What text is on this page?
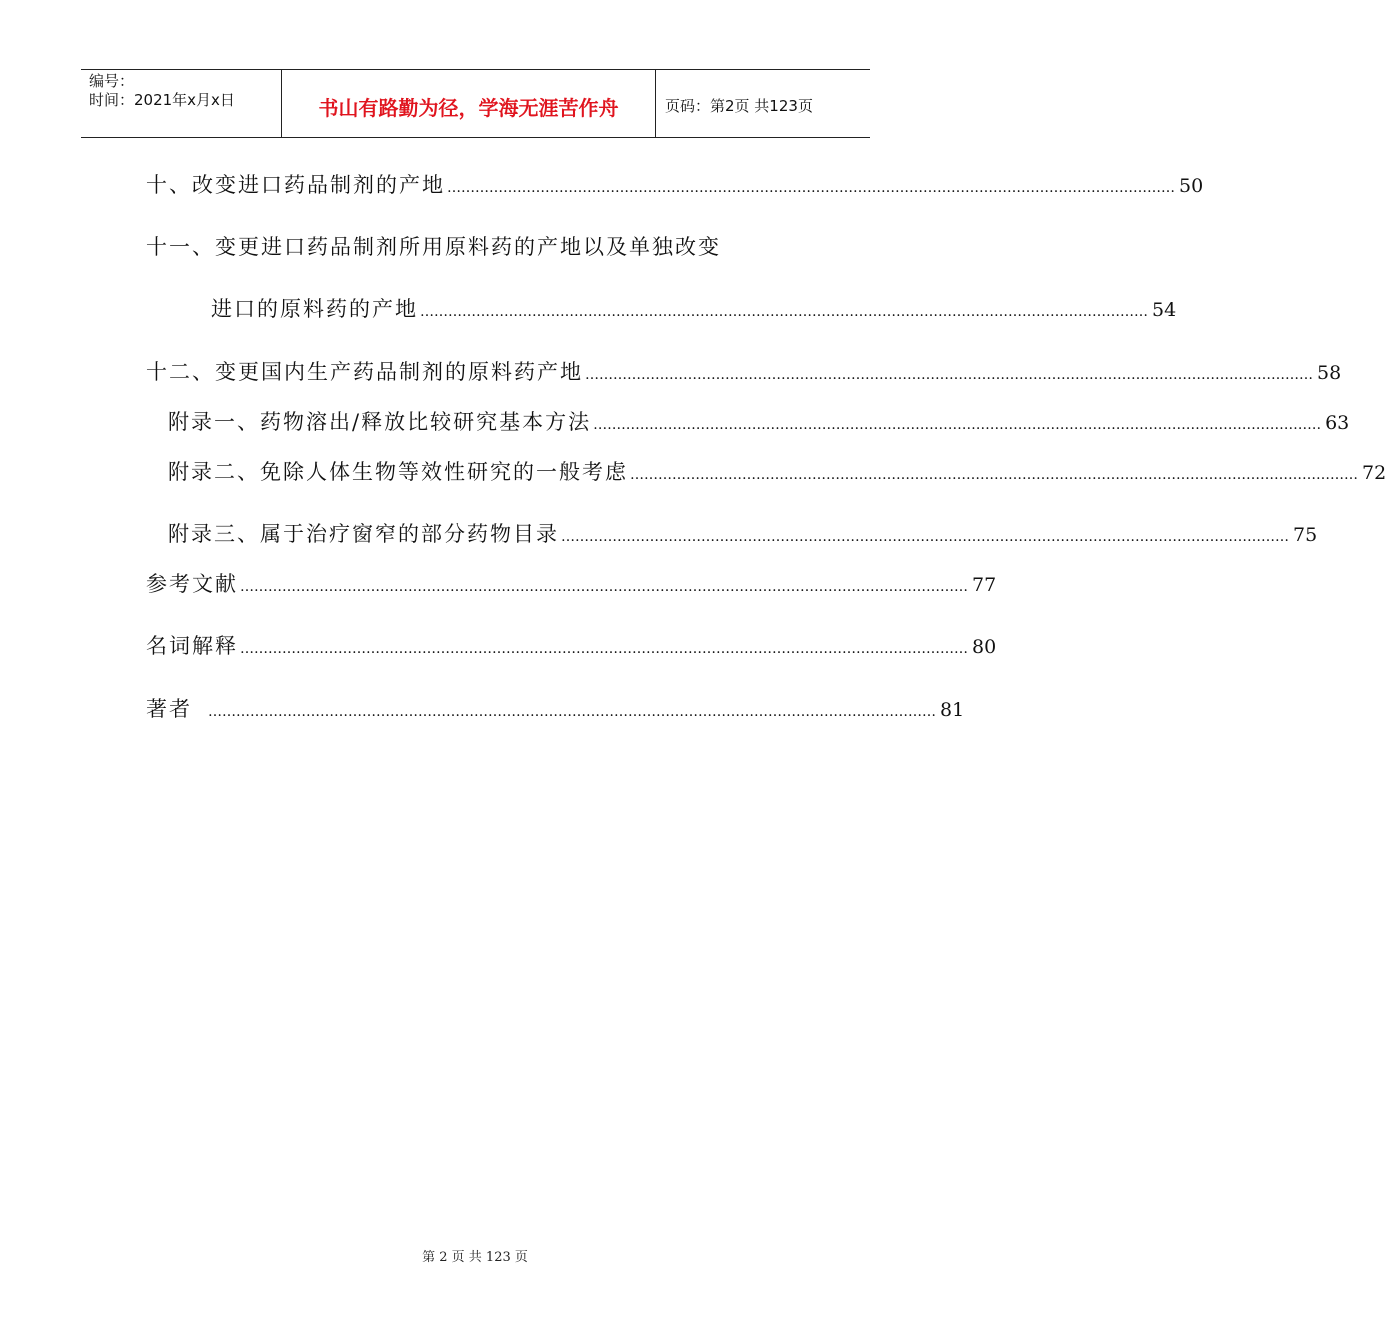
编号：
时间：2021年x月x日	书山有路勤为径，学海无涯苦作舟	页码：第2页 共123页
十、改变进口药品制剂的产地 ………………………………………………………………………………………………………………………………………… 50
十一、变更进口药品制剂所用原料药的产地以及单独改变
进口的原料药的产地 ………………………………………………………………………………………………………………………………………… 54
十二、变更国内生产药品制剂的原料药产地 ………………………………………………………………………………………………………………………………………… 58
附录一、药物溶出/释放比较研究基本方法 ………………………………………………………………………………………………………………………………………… 63
附录二、免除人体生物等效性研究的一般考虑 ………………………………………………………………………………………………………………………………………… 72
附录三、属于治疗窗窄的部分药物目录 ………………………………………………………………………………………………………………………………………… 75
参考文献 ………………………………………………………………………………………………………………………………………… 77
名词解释 ………………………………………………………………………………………………………………………………………… 80
著者 ………………………………………………………………………………………………………………………………………… 81
第 2 页 共 123 页
